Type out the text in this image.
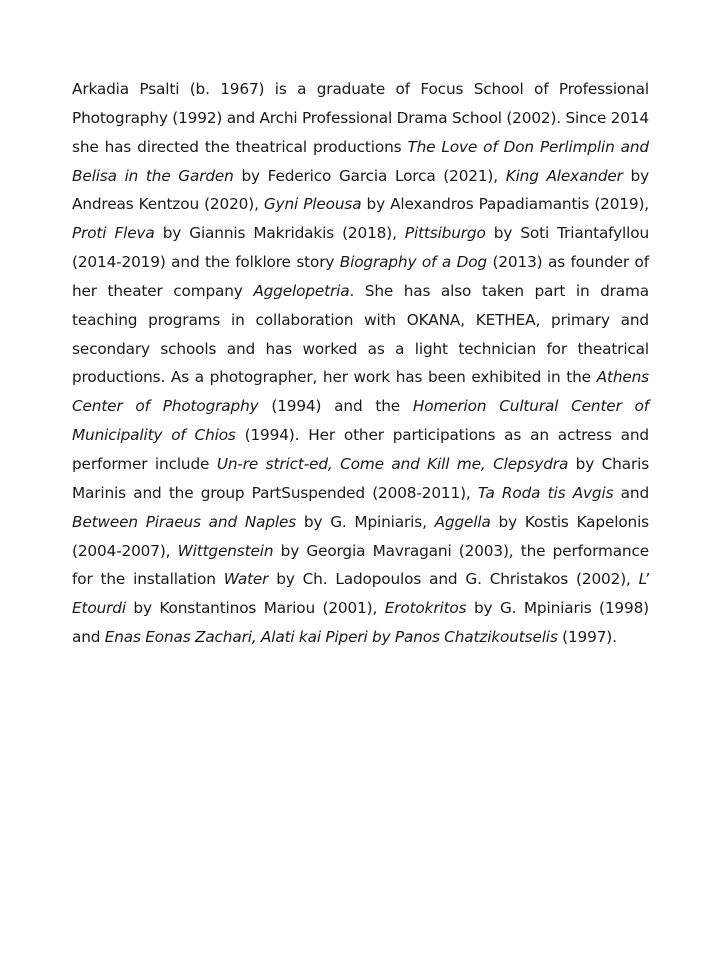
Arkadia Psalti (b. 1967) is a graduate of Focus School of Professional Photography (1992) and Archi Professional Drama School (2002). Since 2014 she has directed the theatrical productions The Love of Don Perlimplin and Belisa in the Garden by Federico Garcia Lorca (2021), King Alexander by Andreas Kentzou (2020), Gyni Pleousa by Alexandros Papadiamantis (2019), Proti Fleva by Giannis Makridakis (2018), Pittsiburgo by Soti Triantafyllou (2014-2019) and the folklore story Biography of a Dog (2013) as founder of her theater company Aggelopetria. She has also taken part in drama teaching programs in collaboration with OKANA, KETHEA, primary and secondary schools and has worked as a light technician for theatrical productions. As a photographer, her work has been exhibited in the Athens Center of Photography (1994) and the Homerion Cultural Center of Municipality of Chios (1994). Her other participations as an actress and performer include Un-re strict-ed, Come and Kill me, Clepsydra by Charis Marinis and the group PartSuspended (2008-2011), Ta Roda tis Avgis and Between Piraeus and Naples by G. Mpiniaris, Aggella by Kostis Kapelonis (2004-2007), Wittgenstein by Georgia Mavragani (2003), the performance for the installation Water by Ch. Ladopoulos and G. Christakos (2002), L’ Etourdi by Konstantinos Mariou (2001), Erotokritos by G. Mpiniaris (1998) and Enas Eonas Zachari, Alati kai Piperi by Panos Chatzikoutselis (1997).
